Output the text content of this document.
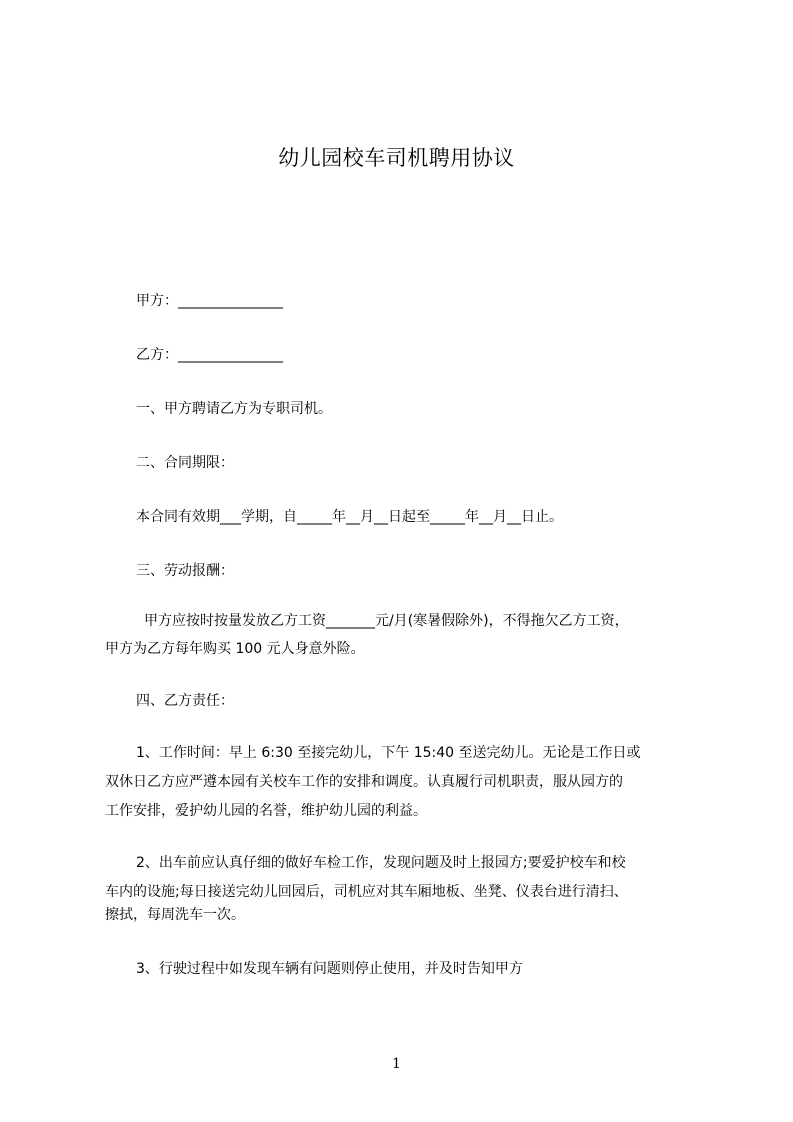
幼儿园校车司机聘用协议
甲方：_______________
乙方：_______________
一、甲方聘请乙方为专职司机。
二、合同期限：
本合同有效期___学期，自_____年__月__日起至_____年__月__日止。
三、劳动报酬：
甲方应按时按量发放乙方工资_______元/月(寒暑假除外)，不得拖欠乙方工资，
甲方为乙方每年购买 100 元人身意外险。
四、乙方责任：
1、工作时间：早上 6:30 至接完幼儿，下午 15:40 至送完幼儿。无论是工作日或
双休日乙方应严遵本园有关校车工作的安排和调度。认真履行司机职责，服从园方的
工作安排，爱护幼儿园的名誉，维护幼儿园的利益。
2、出车前应认真仔细的做好车检工作，发现问题及时上报园方;要爱护校车和校
车内的设施;每日接送完幼儿回园后，司机应对其车厢地板、坐凳、仪表台进行清扫、
擦拭，每周洗车一次。
3、行驶过程中如发现车辆有问题则停止使用，并及时告知甲方
1
